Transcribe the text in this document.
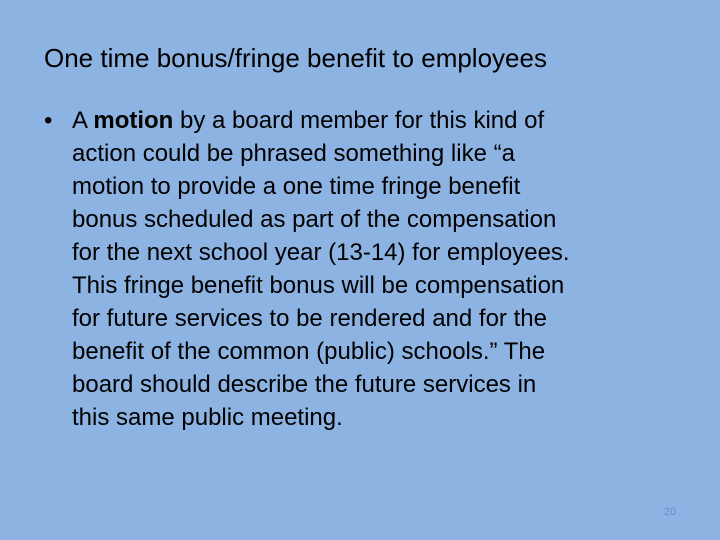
One time bonus/fringe benefit to employees
• A motion by a board member for this kind of
action could be phrased something like “a
motion to provide a one time fringe benefit
bonus scheduled as part of the compensation
for the next school year (13-14) for employees.
This fringe benefit bonus will be compensation
for future services to be rendered and for the
benefit of the common (public) schools.” The
board should describe the future services in
this same public meeting.
20
